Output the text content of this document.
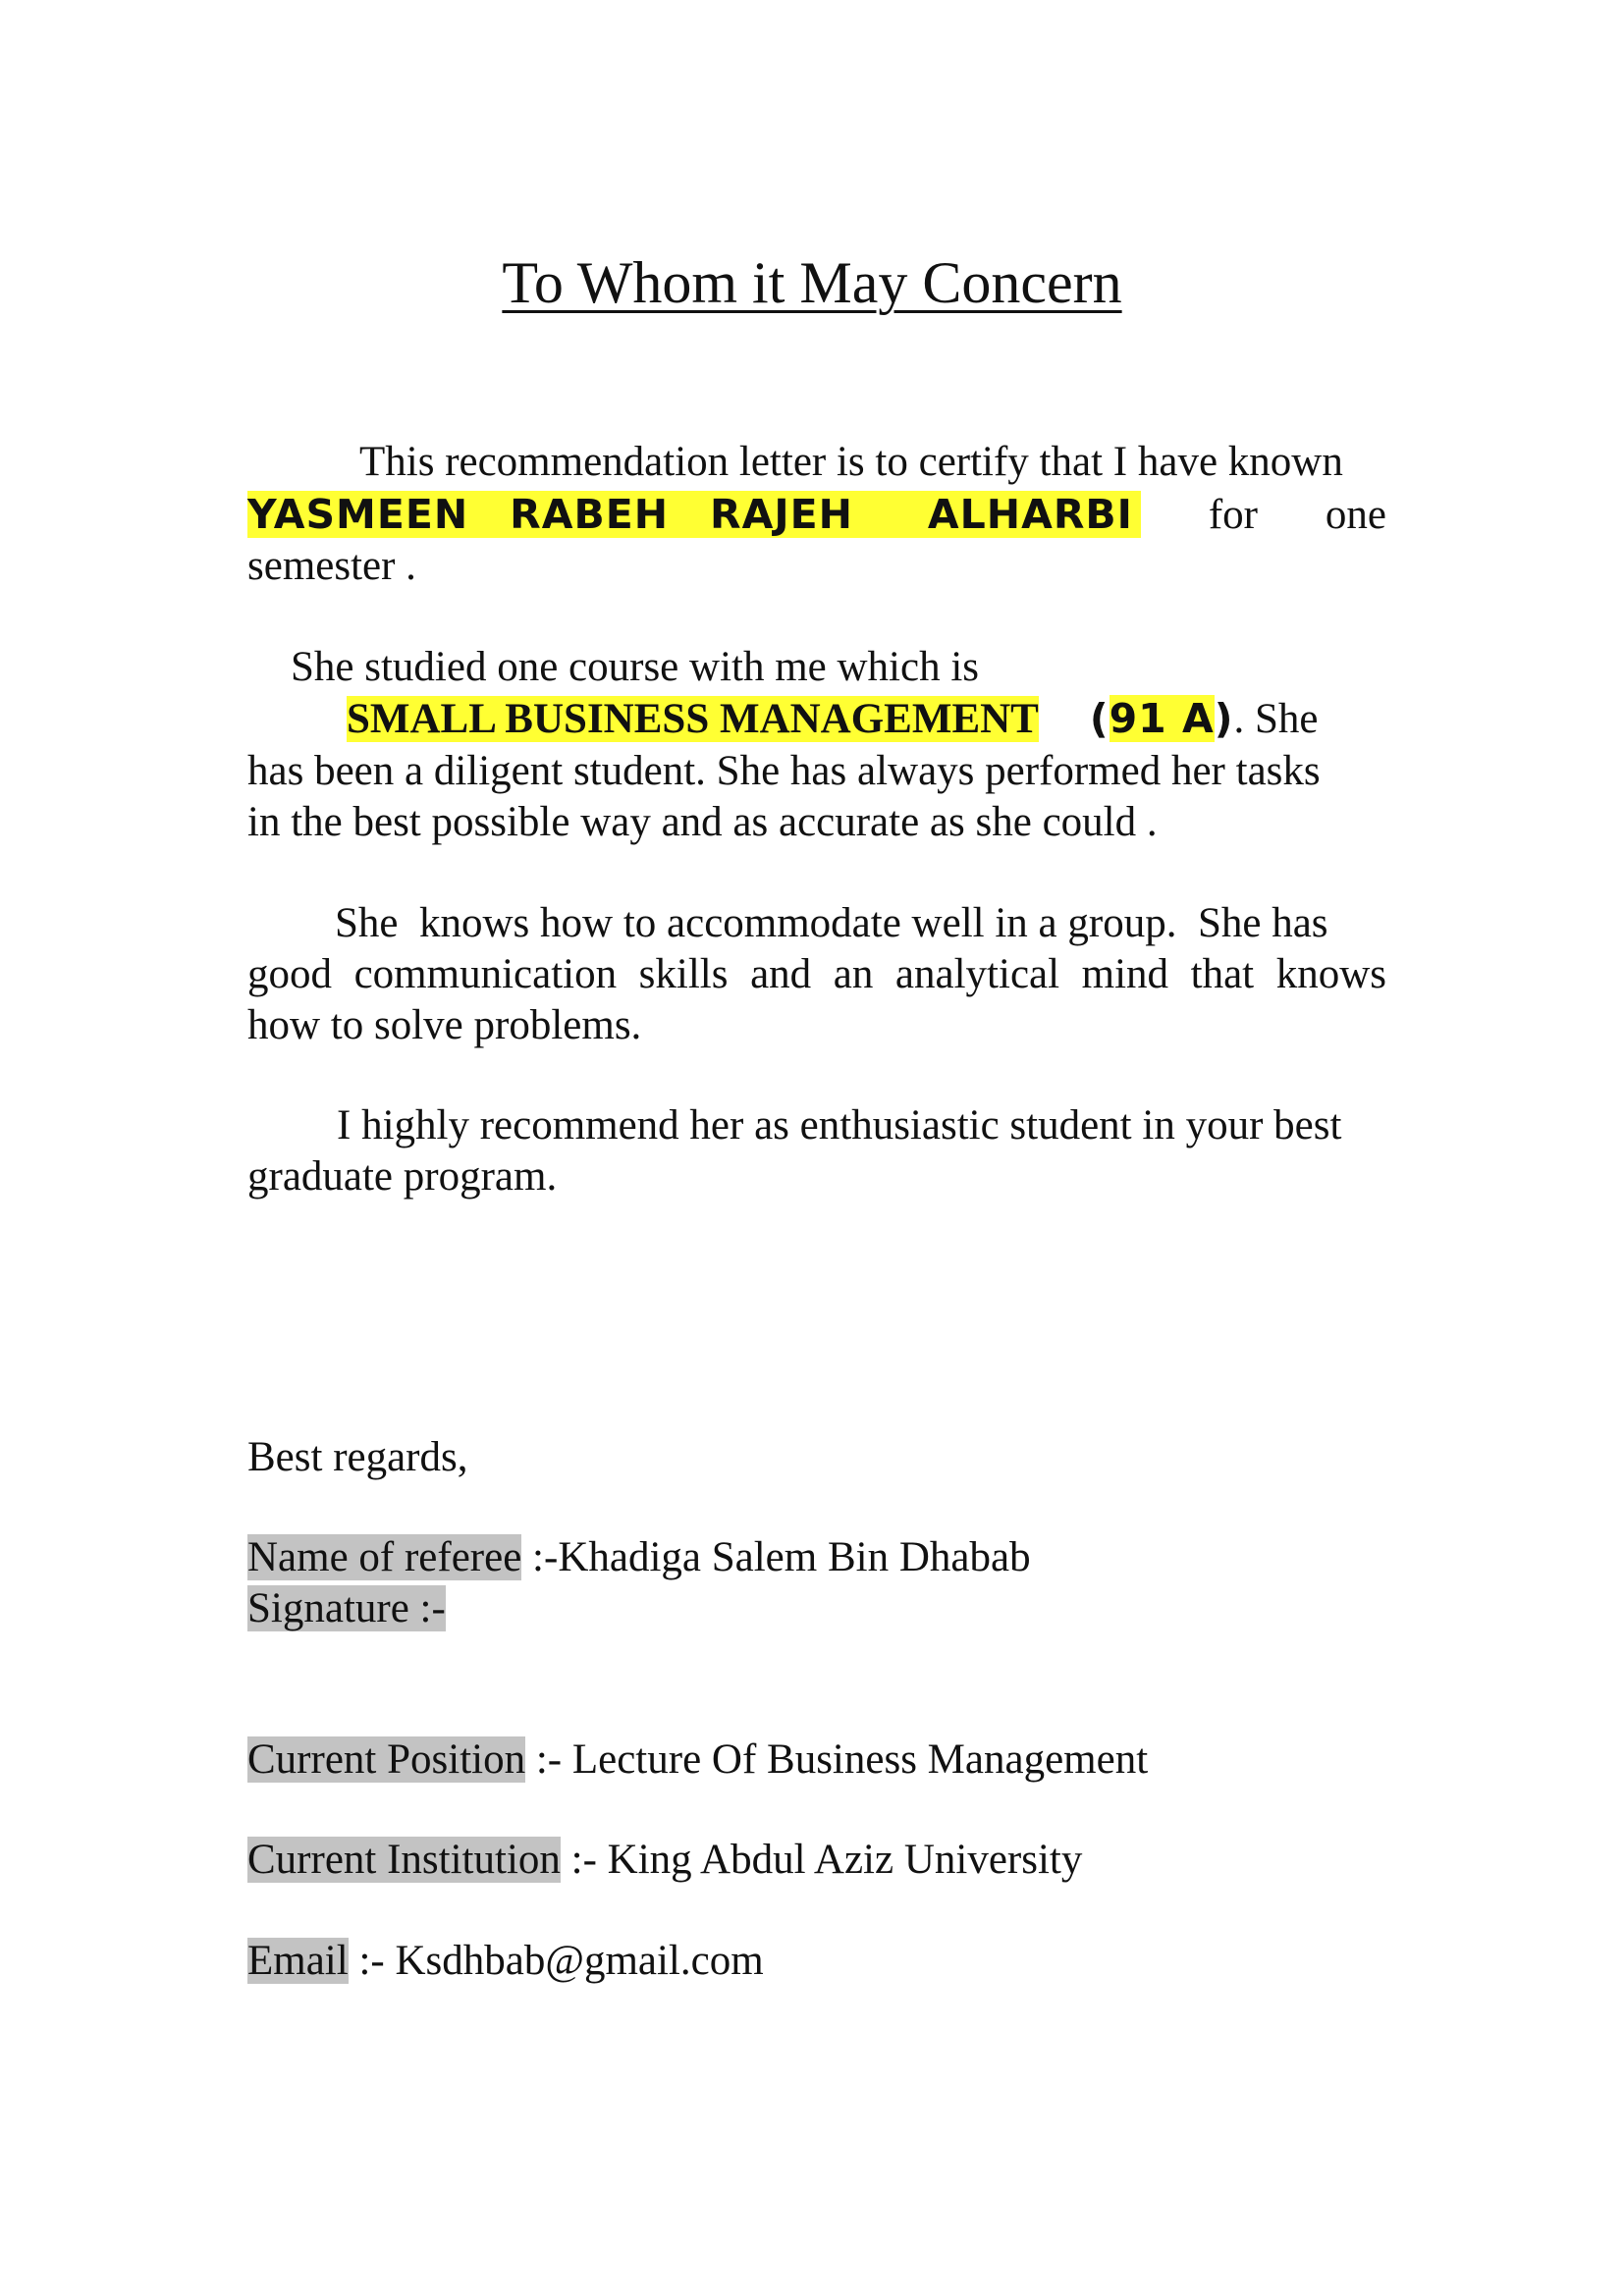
To Whom it May Concern
This recommendation letter is to certify that I have known
YASMEEN RABEH RAJEH ALHARBI for one
semester .
She studied one course with me which is
SMALL BUSINESS MANAGEMENT (91 A). She
has been a diligent student. She has always performed her tasks
in the best possible way and as accurate as she could .
She  knows how to accommodate well in a group.  She has
good communication skills and an analytical mind that knows
how to solve problems.
I highly recommend her as enthusiastic student in your best
graduate program.
Best regards,
Name of referee :-Khadiga Salem Bin Dhabab
Signature :-
Current Position :- Lecture Of Business Management
Current Institution :- King Abdul Aziz University
Email :- Ksdhbab@gmail.com
